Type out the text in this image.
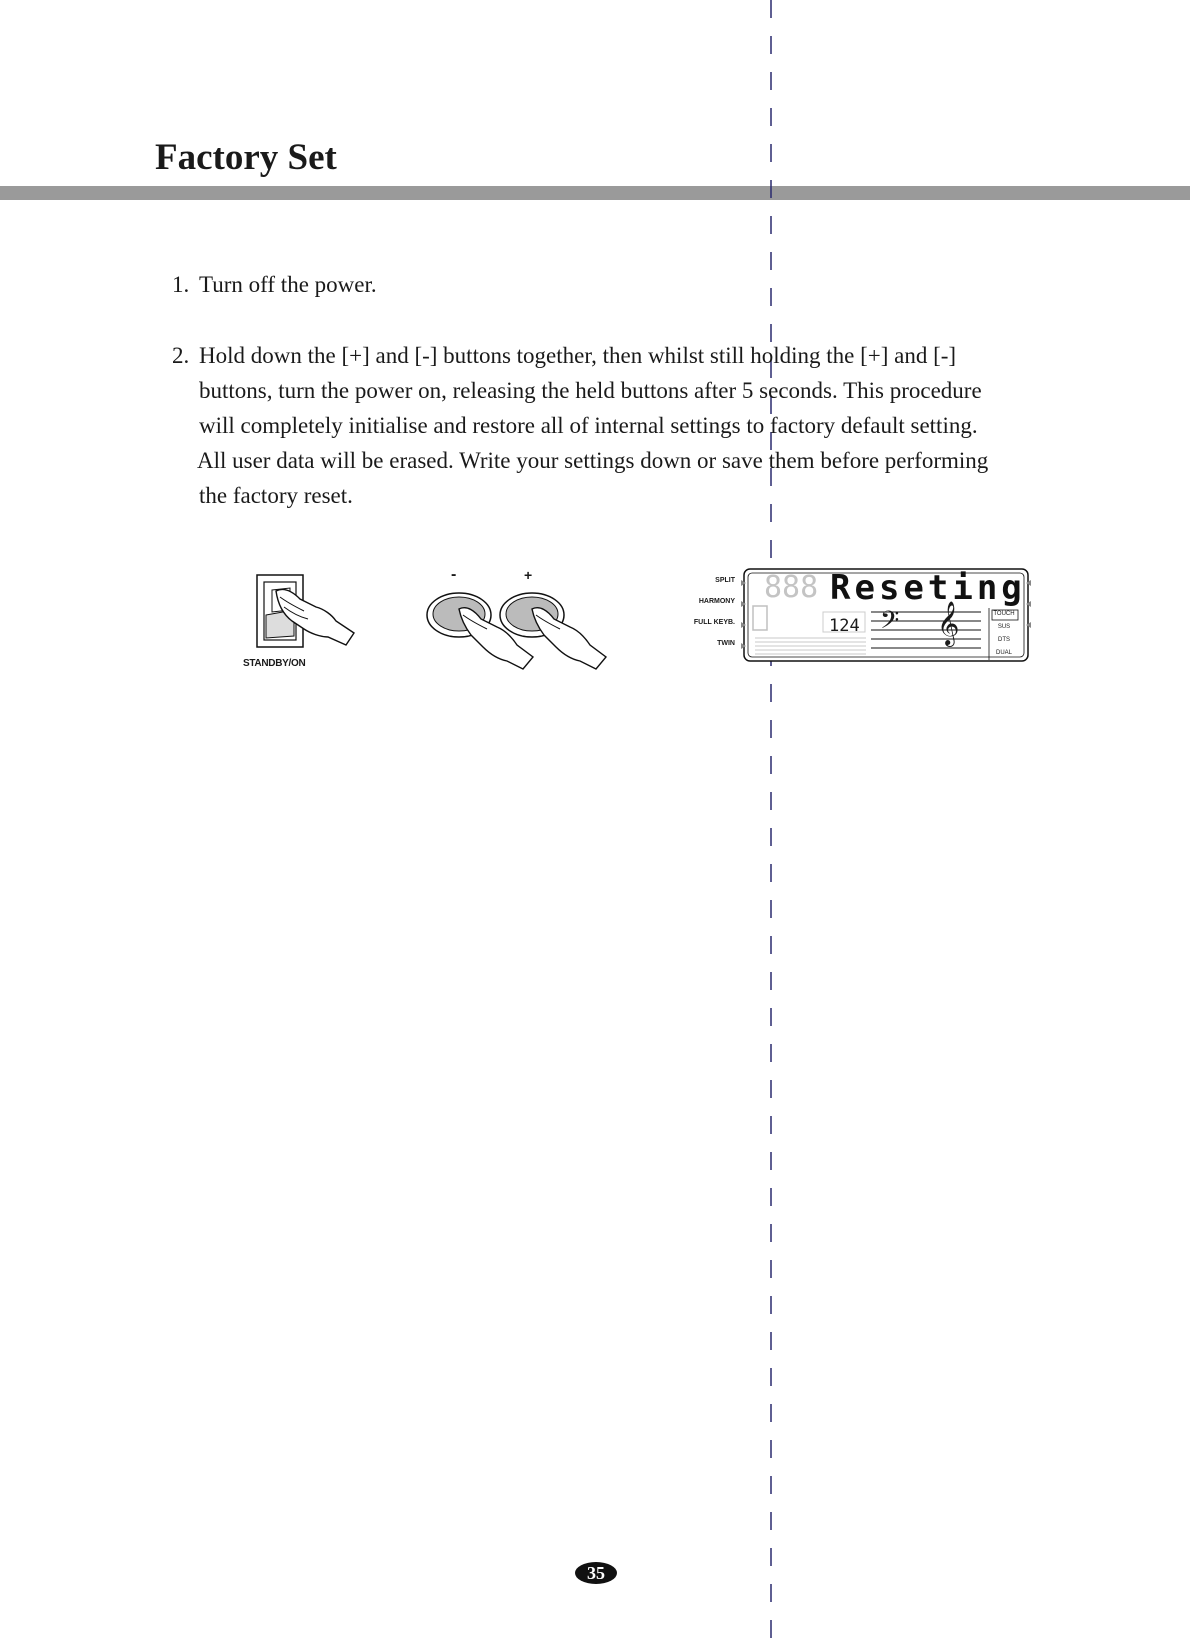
Factory Set

1. Turn off the power.

2. Hold down the [+] and [-] buttons together, then whilst still holding the [+] and [-]
buttons, turn the power on, releasing the held buttons after 5 seconds. This procedure
will completely initialise and restore all of internal settings to factory default setting.
All user data will be erased. Write your settings down or save them before performing
the factory reset.
STANDBY/ON
-	+	SPLIT
HARMONY
FULL KEYB.
TWIN
888 Reseting
124 𝄢 𝄞	TOUCH
SUS
DTS
DUAL
35
